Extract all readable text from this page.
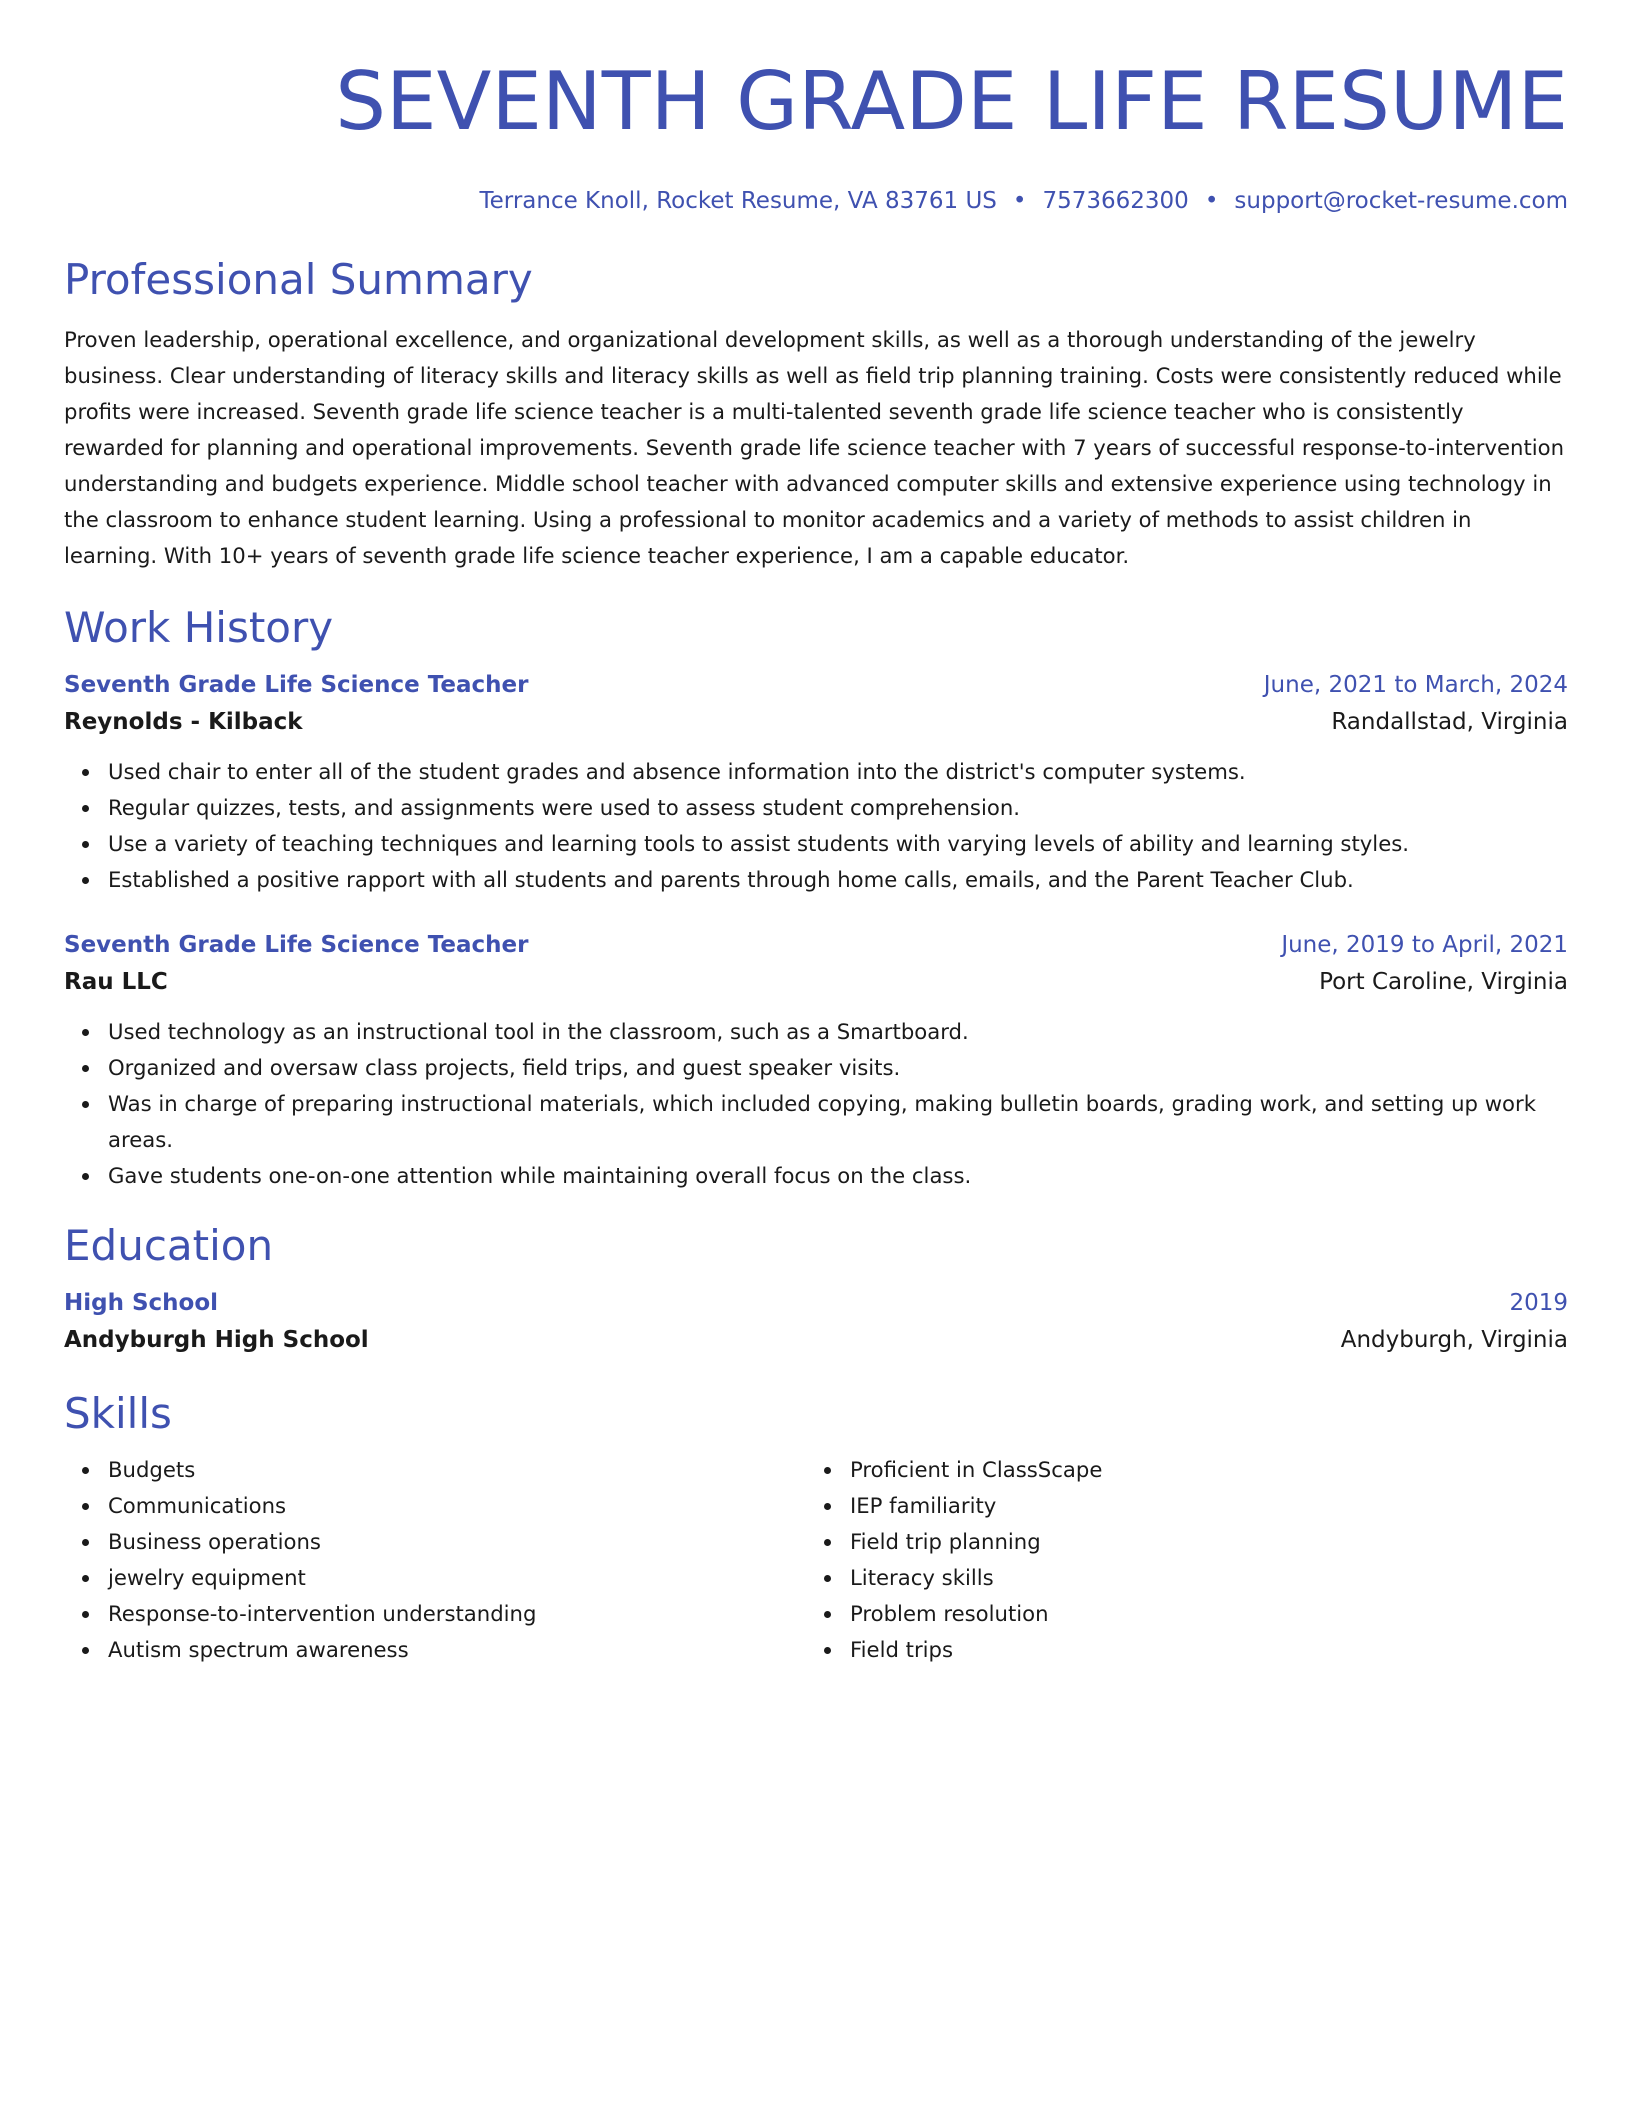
SEVENTH GRADE LIFE RESUME
Terrance Knoll, Rocket Resume, VA 83761 US • 7573662300 • support@rocket-resume.com
Professional Summary

Proven leadership, operational excellence, and organizational development skills, as well as a thorough understanding of the jewelry business. Clear understanding of literacy skills and literacy skills as well as field trip planning training. Costs were consistently reduced while profits were increased. Seventh grade life science teacher is a multi-talented seventh grade life science teacher who is consistently rewarded for planning and operational improvements. Seventh grade life science teacher with 7 years of successful response-to-intervention understanding and budgets experience. Middle school teacher with advanced computer skills and extensive experience using technology in the classroom to enhance student learning. Using a professional to monitor academics and a variety of methods to assist children in learning. With 10+ years of seventh grade life science teacher experience, I am a capable educator.

Work History
Seventh Grade Life Science Teacher	June, 2021 to March, 2024
Reynolds - Kilback	Randallstad, Virginia
Used chair to enter all of the student grades and absence information into the district's computer systems.
Regular quizzes, tests, and assignments were used to assess student comprehension.
Use a variety of teaching techniques and learning tools to assist students with varying levels of ability and learning styles.
Established a positive rapport with all students and parents through home calls, emails, and the Parent Teacher Club.
Seventh Grade Life Science Teacher	June, 2019 to April, 2021
Rau LLC	Port Caroline, Virginia
Used technology as an instructional tool in the classroom, such as a Smartboard.
Organized and oversaw class projects, field trips, and guest speaker visits.
Was in charge of preparing instructional materials, which included copying, making bulletin boards, grading work, and setting up work areas.
Gave students one-on-one attention while maintaining overall focus on the class.
Education
High School	2019
Andyburgh High School	Andyburgh, Virginia
Skills
Budgets
Communications
Business operations
jewelry equipment
Response-to-intervention understanding
Autism spectrum awareness
Proficient in ClassScape
IEP familiarity
Field trip planning
Literacy skills
Problem resolution
Field trips
